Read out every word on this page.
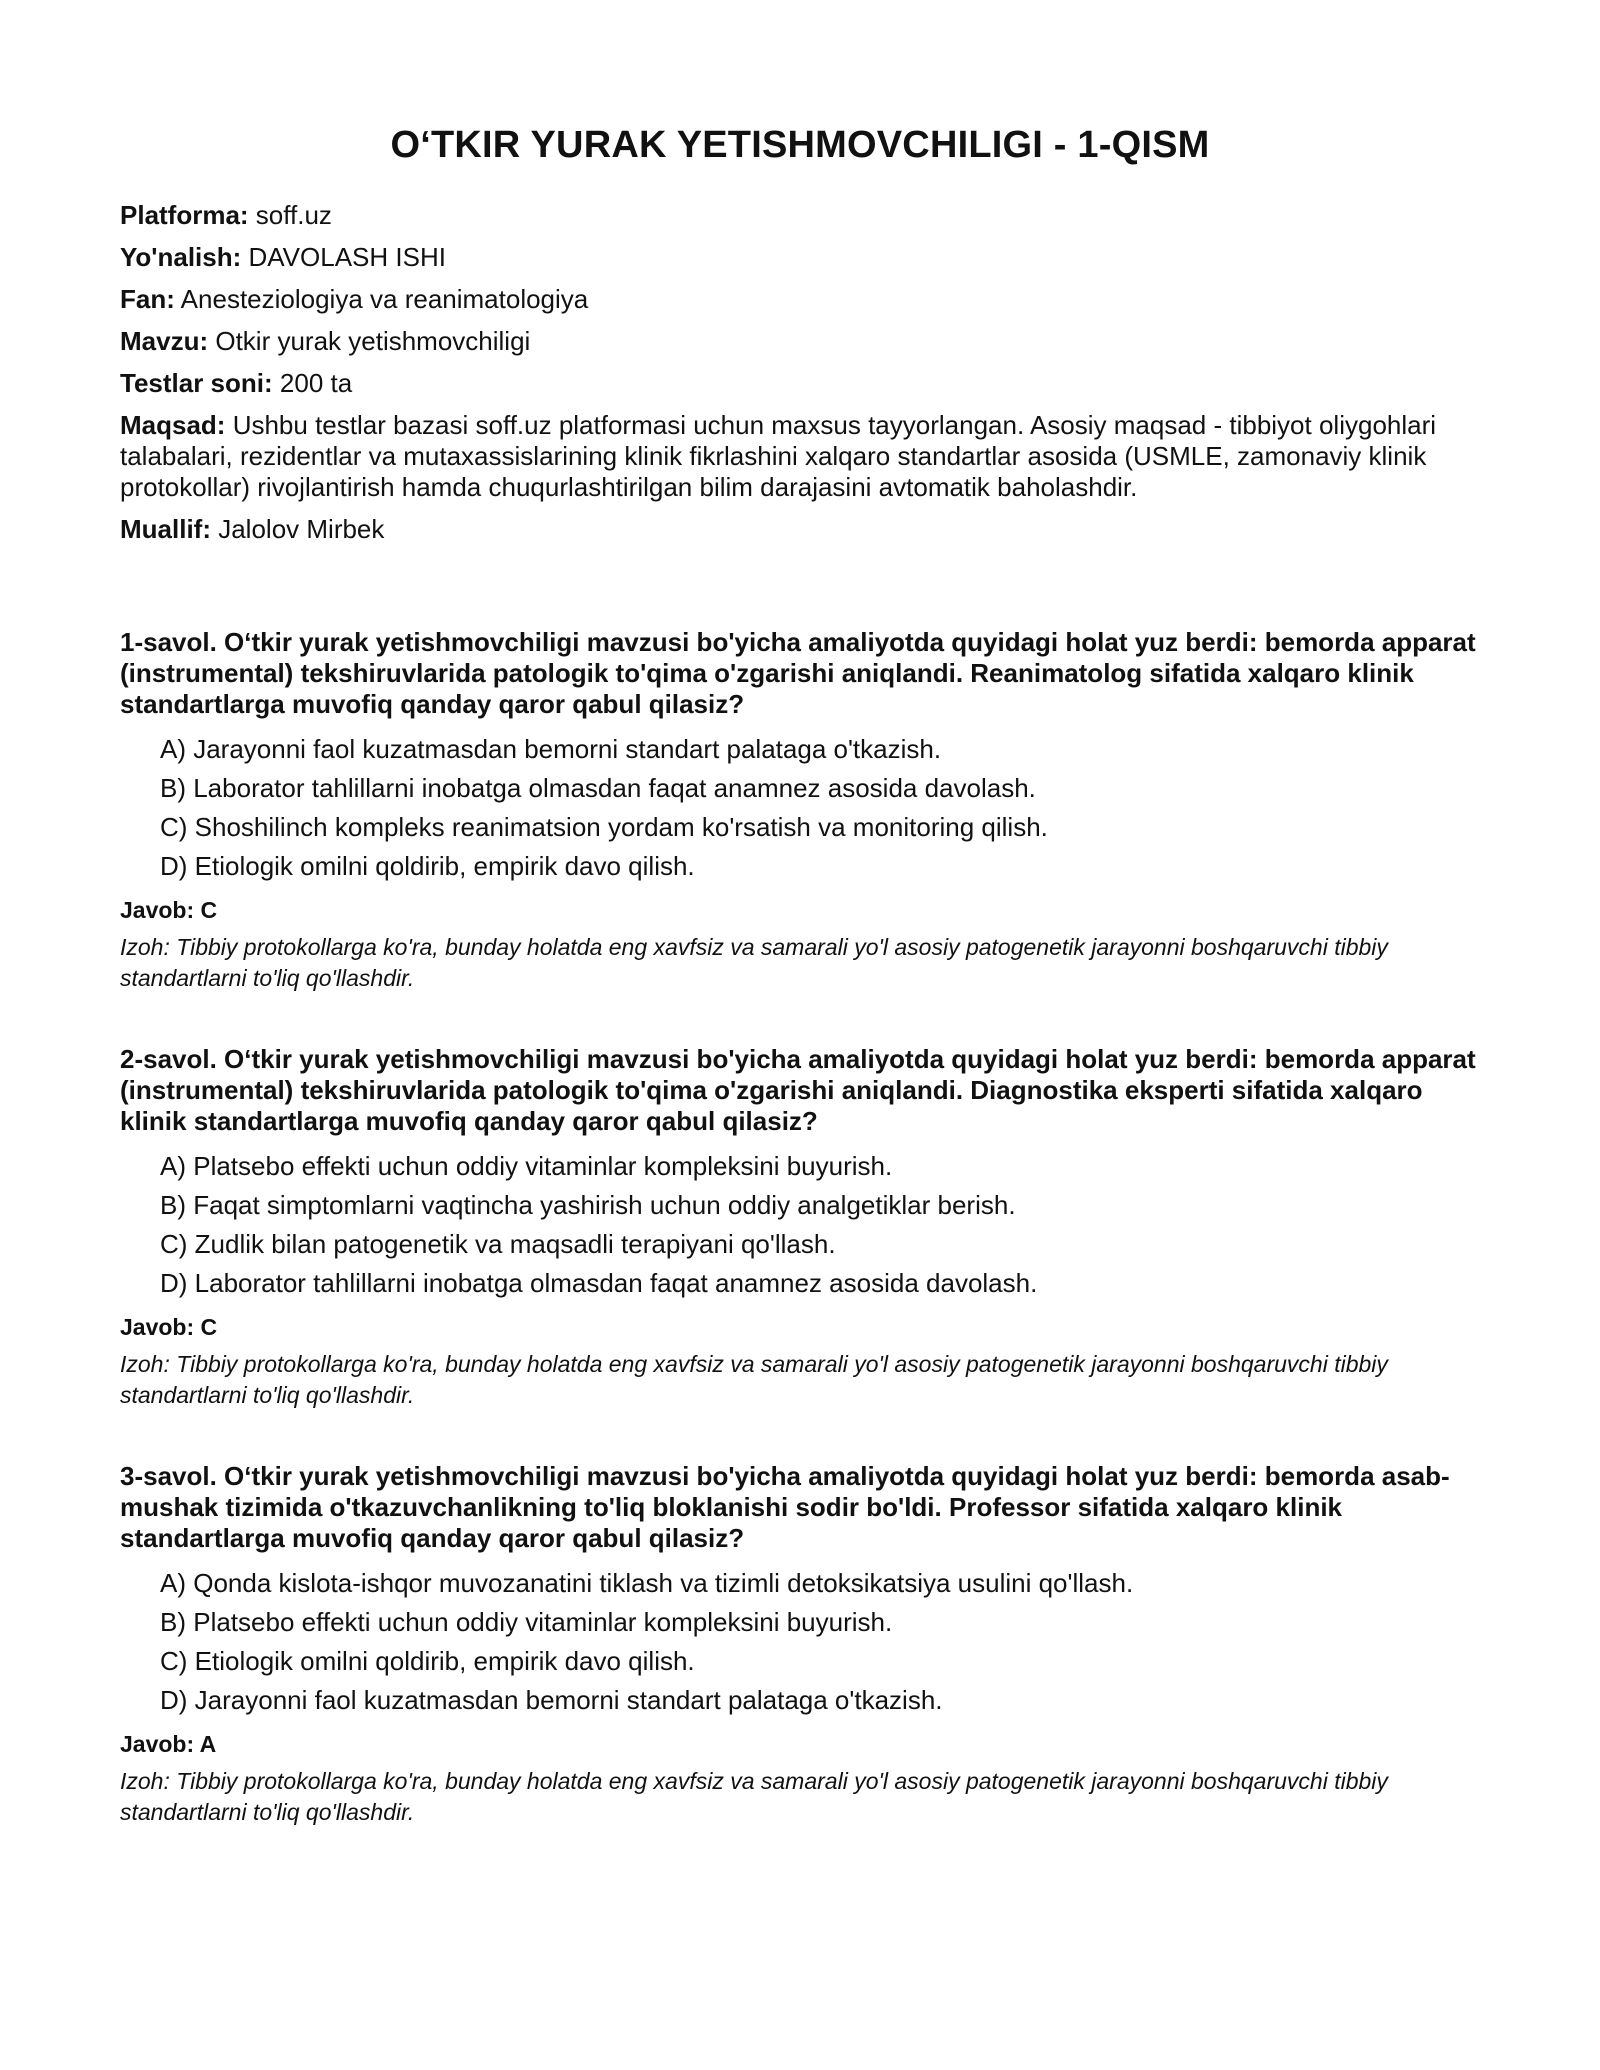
O‘TKIR YURAK YETISHMOVCHILIGI - 1-QISM
Platforma: soff.uz
Yo'nalish: DAVOLASH ISHI
Fan: Anesteziologiya va reanimatologiya
Mavzu: Otkir yurak yetishmovchiligi
Testlar soni: 200 ta
Maqsad: Ushbu testlar bazasi soff.uz platformasi uchun maxsus tayyorlangan. Asosiy maqsad - tibbiyot oliygohlari talabalari, rezidentlar va mutaxassislarining klinik fikrlashini xalqaro standartlar asosida (USMLE, zamonaviy klinik protokollar) rivojlantirish hamda chuqurlashtirilgan bilim darajasini avtomatik baholashdir.
Muallif: Jalolov Mirbek
1-savol. O‘tkir yurak yetishmovchiligi mavzusi bo'yicha amaliyotda quyidagi holat yuz berdi: bemorda apparat (instrumental) tekshiruvlarida patologik to'qima o'zgarishi aniqlandi. Reanimatolog sifatida xalqaro klinik standartlarga muvofiq qanday qaror qabul qilasiz?
A) Jarayonni faol kuzatmasdan bemorni standart palataga o'tkazish.
B) Laborator tahlillarni inobatga olmasdan faqat anamnez asosida davolash.
C) Shoshilinch kompleks reanimatsion yordam ko'rsatish va monitoring qilish.
D) Etiologik omilni qoldirib, empirik davo qilish.
Javob: C
Izoh: Tibbiy protokollarga ko'ra, bunday holatda eng xavfsiz va samarali yo'l asosiy patogenetik jarayonni boshqaruvchi tibbiy standartlarni to'liq qo'llashdir.
2-savol. O‘tkir yurak yetishmovchiligi mavzusi bo'yicha amaliyotda quyidagi holat yuz berdi: bemorda apparat (instrumental) tekshiruvlarida patologik to'qima o'zgarishi aniqlandi. Diagnostika eksperti sifatida xalqaro klinik standartlarga muvofiq qanday qaror qabul qilasiz?
A) Platsebo effekti uchun oddiy vitaminlar kompleksini buyurish.
B) Faqat simptomlarni vaqtincha yashirish uchun oddiy analgetiklar berish.
C) Zudlik bilan patogenetik va maqsadli terapiyani qo'llash.
D) Laborator tahlillarni inobatga olmasdan faqat anamnez asosida davolash.
Javob: C
Izoh: Tibbiy protokollarga ko'ra, bunday holatda eng xavfsiz va samarali yo'l asosiy patogenetik jarayonni boshqaruvchi tibbiy standartlarni to'liq qo'llashdir.
3-savol. O‘tkir yurak yetishmovchiligi mavzusi bo'yicha amaliyotda quyidagi holat yuz berdi: bemorda asab-mushak tizimida o'tkazuvchanlikning to'liq bloklanishi sodir bo'ldi. Professor sifatida xalqaro klinik standartlarga muvofiq qanday qaror qabul qilasiz?
A) Qonda kislota-ishqor muvozanatini tiklash va tizimli detoksikatsiya usulini qo'llash.
B) Platsebo effekti uchun oddiy vitaminlar kompleksini buyurish.
C) Etiologik omilni qoldirib, empirik davo qilish.
D) Jarayonni faol kuzatmasdan bemorni standart palataga o'tkazish.
Javob: A
Izoh: Tibbiy protokollarga ko'ra, bunday holatda eng xavfsiz va samarali yo'l asosiy patogenetik jarayonni boshqaruvchi tibbiy standartlarni to'liq qo'llashdir.
